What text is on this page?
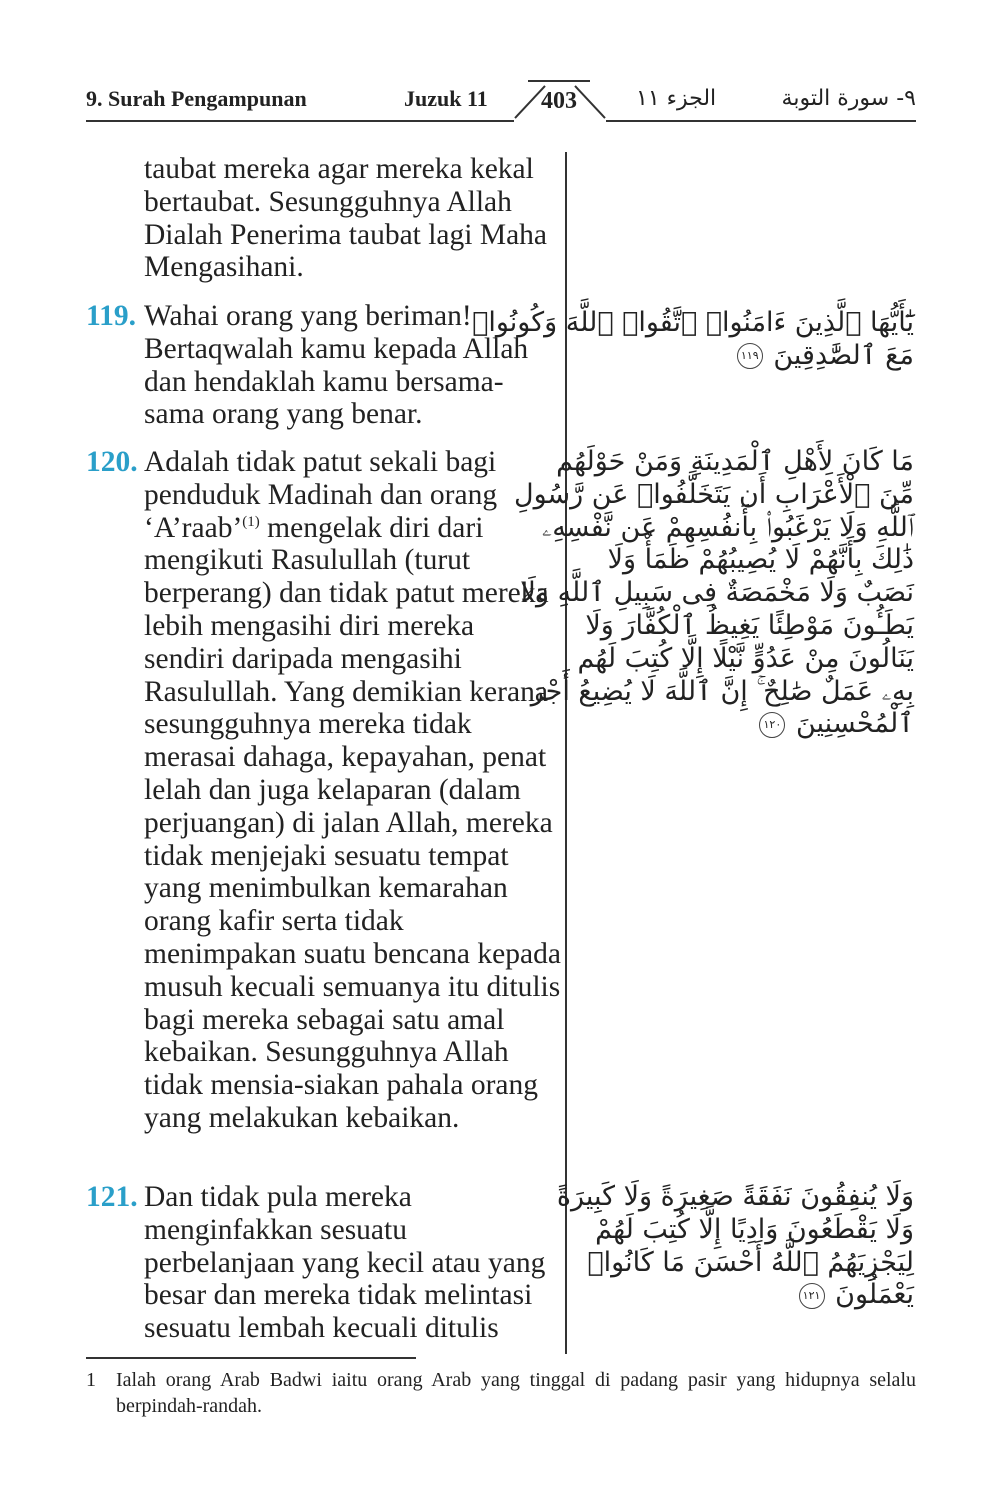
9. Surah Pengampunan	Juzuk 11	403	الجزء ١١	٩- سورة التوبة
taubat mereka agar mereka kekal bertaubat. Sesungguhnya Allah Dialah Penerima taubat lagi Maha Mengasihani.
119. Wahai orang yang beriman! Bertaqwalah kamu kepada Allah dan hendaklah kamu bersama-sama orang yang benar.
يَٰٓأَيُّهَا ٱلَّذِينَ ءَامَنُوا۟ ٱتَّقُوا۟ ٱللَّهَ وَكُونُوا۟
مَعَ ٱلصَّٰدِقِينَ ١١٩
120. Adalah tidak patut sekali bagi penduduk Madinah dan orang ‘A’raab’$^{(1)}$ mengelak diri dari mengikuti Rasulullah (turut berperang) dan tidak patut mereka lebih mengasihi diri mereka sendiri daripada mengasihi Rasulullah. Yang demikian kerana sesungguhnya mereka tidak merasai dahaga, kepayahan, penat lelah dan juga kelaparan (dalam perjuangan) di jalan Allah, mereka tidak menjejaki sesuatu tempat yang menimbulkan kemarahan orang kafir serta tidak menimpakan suatu bencana kepada musuh kecuali semuanya itu ditulis bagi mereka sebagai satu amal kebaikan. Sesungguhnya Allah tidak mensia-siakan pahala orang yang melakukan kebaikan.
مَا كَانَ لِأَهْلِ ٱلْمَدِينَةِ وَمَنْ حَوْلَهُم
مِّنَ ٱلْأَعْرَابِ أَن يَتَخَلَّفُوا۟ عَن رَّسُولِ
ٱللَّهِ وَلَا يَرْغَبُوا۟ بِأَنفُسِهِمْ عَن نَّفْسِهِۦ
ذَٰلِكَ بِأَنَّهُمْ لَا يُصِيبُهُمْ ظَمَأٌ وَلَا
نَصَبٌ وَلَا مَخْمَصَةٌ فِى سَبِيلِ ٱللَّهِ وَلَا
يَطَـُٔونَ مَوْطِئًا يَغِيظُ ٱلْكُفَّارَ وَلَا
يَنَالُونَ مِنْ عَدُوٍّ نَّيْلًا إِلَّا كُتِبَ لَهُم
بِهِۦ عَمَلٌ صَٰلِحٌ ۚ إِنَّ ٱللَّهَ لَا يُضِيعُ أَجْرَ
ٱلْمُحْسِنِينَ ١٢٠
121. Dan tidak pula mereka menginfakkan sesuatu perbelanjaan yang kecil atau yang besar dan mereka tidak melintasi sesuatu lembah kecuali ditulis
وَلَا يُنفِقُونَ نَفَقَةً صَغِيرَةً وَلَا كَبِيرَةً
وَلَا يَقْطَعُونَ وَادِيًا إِلَّا كُتِبَ لَهُمْ
لِيَجْزِيَهُمُ ٱللَّهُ أَحْسَنَ مَا كَانُوا۟
يَعْمَلُونَ ١٢١
1 Ialah orang Arab Badwi iaitu orang Arab yang tinggal di padang pasir yang hidupnya selalu berpindah-randah.
